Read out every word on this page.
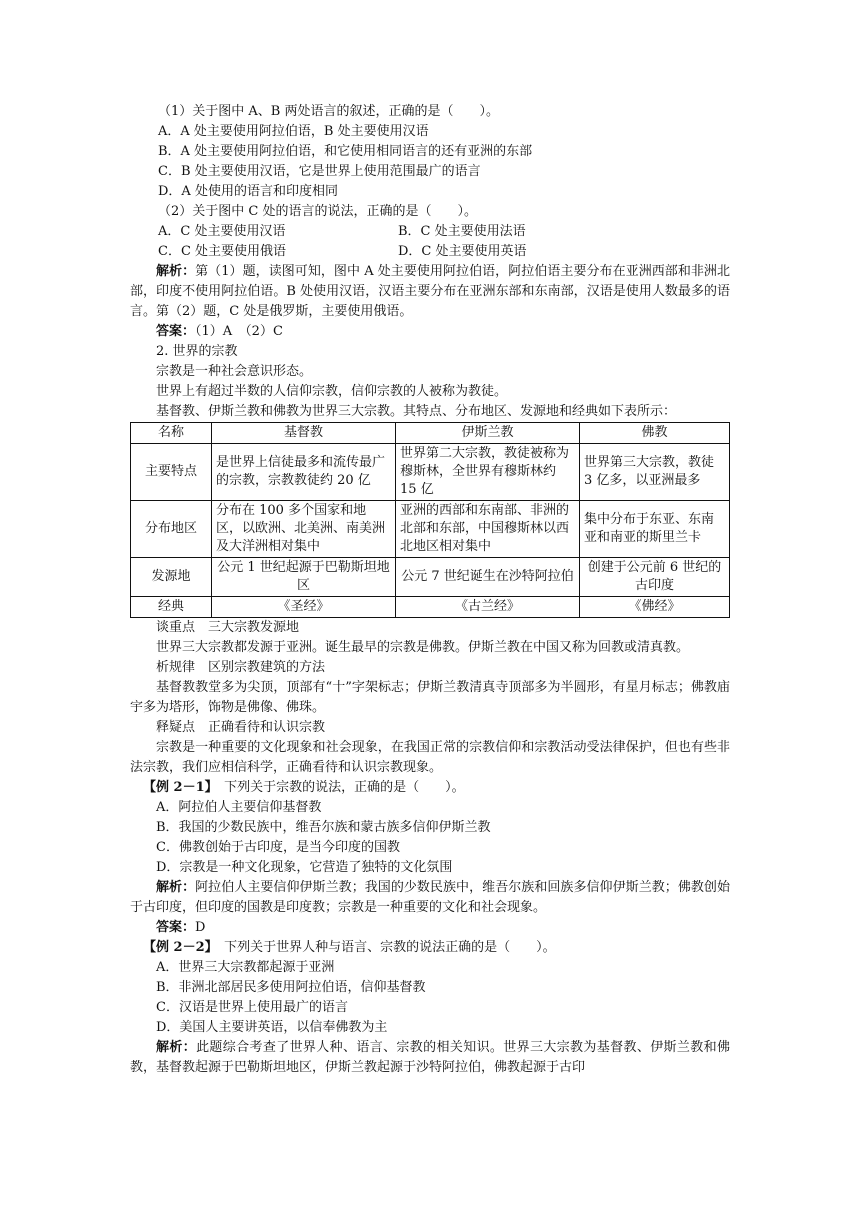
（1）关于图中 A、B 两处语言的叙述，正确的是（　　）。
A．A 处主要使用阿拉伯语，B 处主要使用汉语
B．A 处主要使用阿拉伯语，和它使用相同语言的还有亚洲的东部
C．B 处主要使用汉语，它是世界上使用范围最广的语言
D．A 处使用的语言和印度相同
（2）关于图中 C 处的语言的说法，正确的是（　　）。
A．C 处主要使用汉语	B．C 处主要使用法语
C．C 处主要使用俄语	D．C 处主要使用英语
解析：第（1）题，读图可知，图中 A 处主要使用阿拉伯语，阿拉伯语主要分布在亚洲西部和非洲北部，印度不使用阿拉伯语。B 处使用汉语，汉语主要分布在亚洲东部和东南部，汉语是使用人数最多的语言。第（2）题，C 处是俄罗斯，主要使用俄语。
答案：（1）A　（2）C
2. 世界的宗教
宗教是一种社会意识形态。
世界上有超过半数的人信仰宗教，信仰宗教的人被称为教徒。
基督教、伊斯兰教和佛教为世界三大宗教。其特点、分布地区、发源地和经典如下表所示：
名称	基督教	伊斯兰教	佛教
主要特点	是世界上信徒最多和流传最广的宗教，宗教教徒约 20 亿	世界第二大宗教，教徒被称为穆斯林，全世界有穆斯林约 15 亿	世界第三大宗教，教徒 3 亿多，以亚洲最多
分布地区	分布在 100 多个国家和地区，以欧洲、北美洲、南美洲及大洋洲相对集中	亚洲的西部和东南部、非洲的北部和东部，中国穆斯林以西北地区相对集中	集中分布于东亚、东南亚和南亚的斯里兰卡
发源地	公元 1 世纪起源于巴勒斯坦地区	公元 7 世纪诞生在沙特阿拉伯	创建于公元前 6 世纪的古印度
经典	《圣经》	《古兰经》	《佛经》
谈重点　三大宗教发源地
世界三大宗教都发源于亚洲。诞生最早的宗教是佛教。伊斯兰教在中国又称为回教或清真教。
析规律　区别宗教建筑的方法
基督教教堂多为尖顶，顶部有“十”字架标志；伊斯兰教清真寺顶部多为半圆形，有星月标志；佛教庙宇多为塔形，饰物是佛像、佛珠。
释疑点　正确看待和认识宗教
宗教是一种重要的文化现象和社会现象，在我国正常的宗教信仰和宗教活动受法律保护，但也有些非法宗教，我们应相信科学，正确看待和认识宗教现象。
【例 2－1】　 下列关于宗教的说法，正确的是（　　）。
A．阿拉伯人主要信仰基督教
B．我国的少数民族中，维吾尔族和蒙古族多信仰伊斯兰教
C．佛教创始于古印度，是当今印度的国教
D．宗教是一种文化现象，它营造了独特的文化氛围
解析：阿拉伯人主要信仰伊斯兰教；我国的少数民族中，维吾尔族和回族多信仰伊斯兰教；佛教创始于古印度，但印度的国教是印度教；宗教是一种重要的文化和社会现象。
答案：D
【例 2－2】　 下列关于世界人种与语言、宗教的说法正确的是（　　）。
A．世界三大宗教都起源于亚洲
B．非洲北部居民多使用阿拉伯语，信仰基督教
C．汉语是世界上使用最广的语言
D．美国人主要讲英语，以信奉佛教为主
解析：此题综合考查了世界人种、语言、宗教的相关知识。世界三大宗教为基督教、伊斯兰教和佛教，基督教起源于巴勒斯坦地区，伊斯兰教起源于沙特阿拉伯，佛教起源于古印
